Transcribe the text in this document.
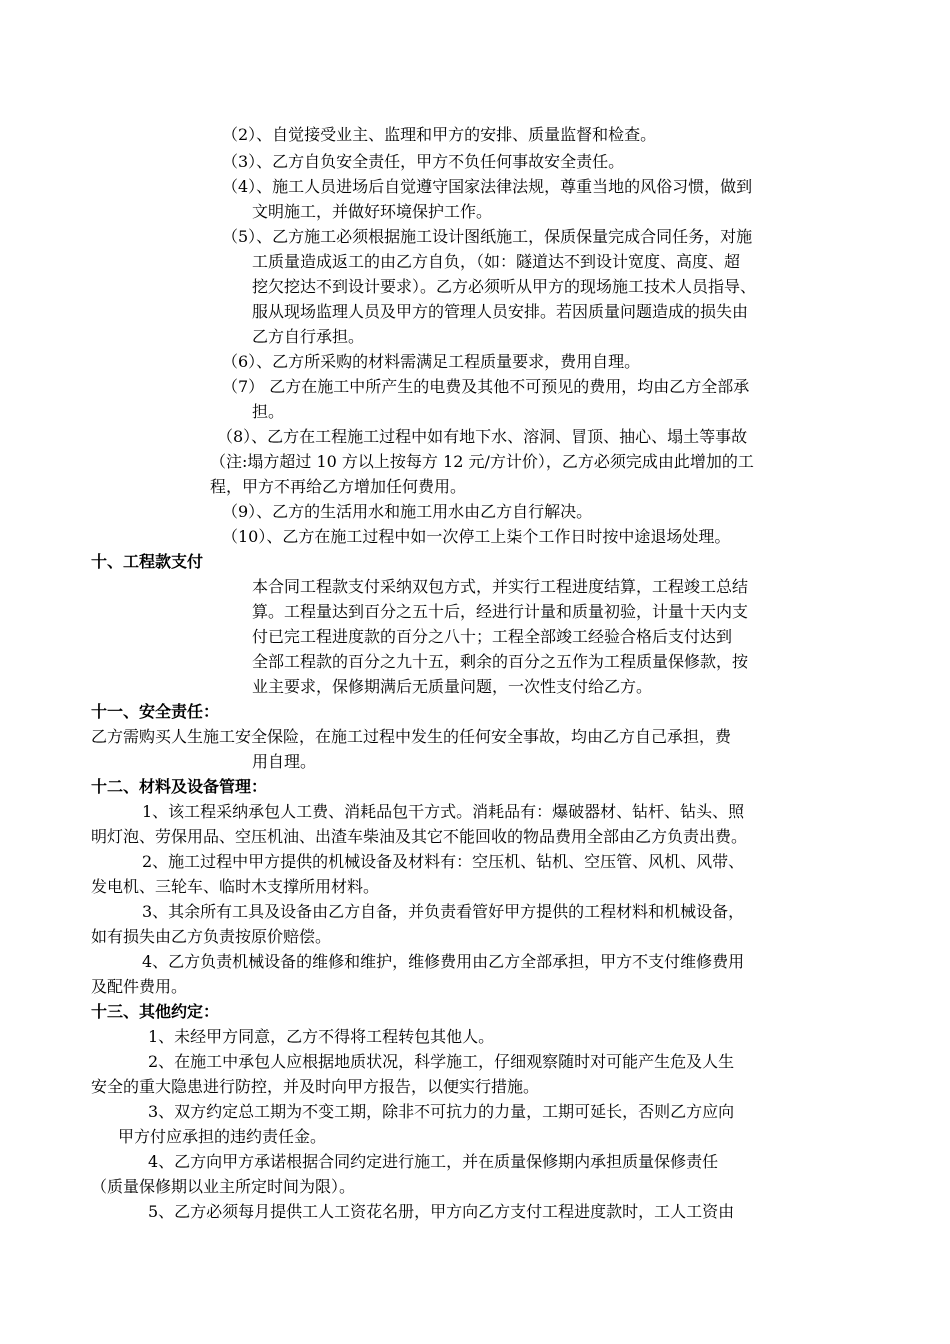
（2）、自觉接受业主、监理和甲方的安排、质量监督和检查。
（3）、乙方自负安全责任，甲方不负任何事故安全责任。
（4）、施工人员进场后自觉遵守国家法律法规，尊重当地的风俗习惯，做到
文明施工，并做好环境保护工作。
（5）、乙方施工必须根据施工设计图纸施工，保质保量完成合同任务，对施
工质量造成返工的由乙方自负，（如：隧道达不到设计宽度、高度、超
挖欠挖达不到设计要求）。乙方必须听从甲方的现场施工技术人员指导、
服从现场监理人员及甲方的管理人员安排。若因质量问题造成的损失由
乙方自行承担。
（6）、乙方所采购的材料需满足工程质量要求，费用自理。
（7） 乙方在施工中所产生的电费及其他不可预见的费用，均由乙方全部承
担。
（8）、乙方在工程施工过程中如有地下水、溶洞、冒顶、抽心、塌土等事故
（注:塌方超过 10 方以上按每方 12 元/方计价），乙方必须完成由此增加的工
程，甲方不再给乙方增加任何费用。
（9）、乙方的生活用水和施工用水由乙方自行解决。
（10）、乙方在施工过程中如一次停工上柒个工作日时按中途退场处理。
十、工程款支付
本合同工程款支付采纳双包方式，并实行工程进度结算，工程竣工总结
算。工程量达到百分之五十后，经进行计量和质量初验，计量十天内支
付已完工程进度款的百分之八十；工程全部竣工经验合格后支付达到
全部工程款的百分之九十五，剩余的百分之五作为工程质量保修款，按
业主要求，保修期满后无质量问题，一次性支付给乙方。
十一、安全责任：
乙方需购买人生施工安全保险，在施工过程中发生的任何安全事故，均由乙方自己承担，费
用自理。
十二、材料及设备管理：
1、该工程采纳承包人工费、消耗品包干方式。消耗品有：爆破器材、钻杆、钻头、照
明灯泡、劳保用品、空压机油、出渣车柴油及其它不能回收的物品费用全部由乙方负责出费。
2、施工过程中甲方提供的机械设备及材料有：空压机、钻机、空压管、风机、风带、
发电机、三轮车、临时木支撑所用材料。
3、其余所有工具及设备由乙方自备，并负责看管好甲方提供的工程材料和机械设备，
如有损失由乙方负责按原价赔偿。
4、乙方负责机械设备的维修和维护，维修费用由乙方全部承担，甲方不支付维修费用
及配件费用。
十三、其他约定：
1、未经甲方同意，乙方不得将工程转包其他人。
2、在施工中承包人应根据地质状况，科学施工，仔细观察随时对可能产生危及人生
安全的重大隐患进行防控，并及时向甲方报告，以便实行措施。
3、双方约定总工期为不变工期，除非不可抗力的力量，工期可延长，否则乙方应向
甲方付应承担的违约责任金。
4、乙方向甲方承诺根据合同约定进行施工，并在质量保修期内承担质量保修责任
（质量保修期以业主所定时间为限）。
5、乙方必须每月提供工人工资花名册，甲方向乙方支付工程进度款时，工人工资由
